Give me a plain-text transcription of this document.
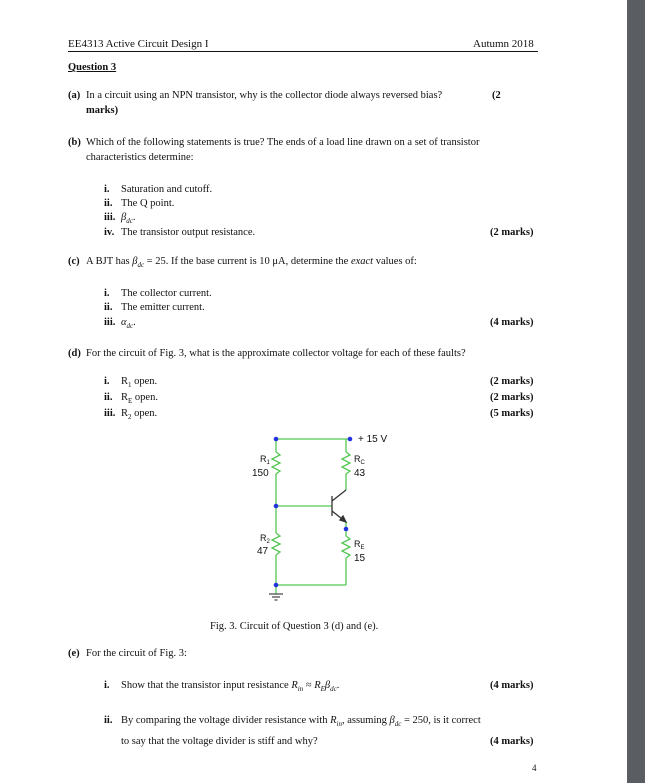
EE4313 Active Circuit Design I	Autumn 2018
Question 3
(a) In a circuit using an NPN transistor, why is the collector diode always reversed bias?	(2
marks)
(b) Which of the following statements is true? The ends of a load line drawn on a set of transistor
characteristics determine:
i. Saturation and cutoff.
ii. The Q point.
iii. $\beta_{dc}$.
iv. The transistor output resistance.	(2 marks)
(c) A BJT has $\beta_{dc} = 25$. If the base current is 10 μA, determine the exact values of:
i. The collector current.
ii. The emitter current.
iii. $\alpha_{dc}$.	(4 marks)
(d) For the circuit of Fig. 3, what is the approximate collector voltage for each of these faults?
i. $R_1$ open.	(2 marks)
ii. $R_E$ open.	(2 marks)
iii. $R_2$ open.	(5 marks)
+ 15 V
$R_1$
150
$R_C$
43
$R_2$
47
$R_E$
15
Fig. 3. Circuit of Question 3 (d) and (e).
(e) For the circuit of Fig. 3:
i. Show that the transistor input resistance $R_{in} \approx R_E\beta_{dc}$.	(4 marks)
ii. By comparing the voltage divider resistance with $R_{in}$, assuming $\beta_{dc} = 250$, is it correct
to say that the voltage divider is stiff and why?	(4 marks)
4
